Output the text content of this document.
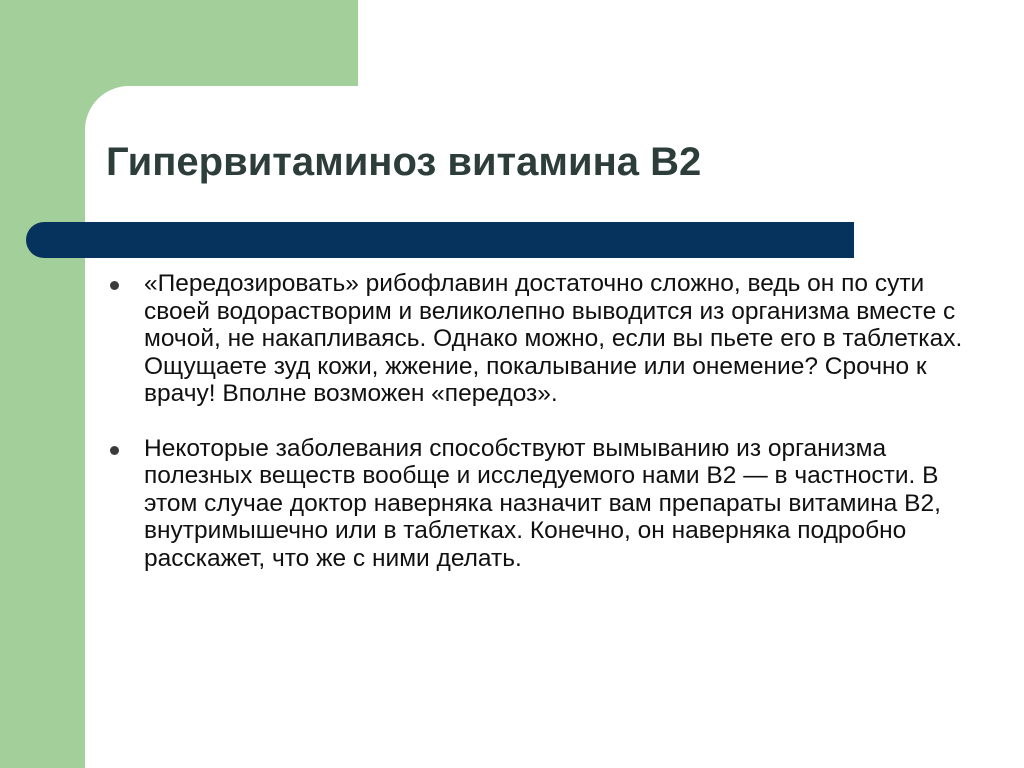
Гипервитаминоз витамина В2
«Передозировать» рибофлавин достаточно сложно, ведь он по сути своей водорастворим и великолепно выводится из организма вместе с мочой, не накапливаясь. Однако можно, если вы пьете его в таблетках. Ощущаете зуд кожи, жжение, покалывание или онемение? Срочно к врачу! Вполне возможен «передоз».
Некоторые заболевания способствуют вымыванию из организма полезных веществ вообще и исследуемого нами В2 — в частности. В этом случае доктор наверняка назначит вам препараты витамина В2, внутримышечно или в таблетках. Конечно, он наверняка подробно расскажет, что же с ними делать.
